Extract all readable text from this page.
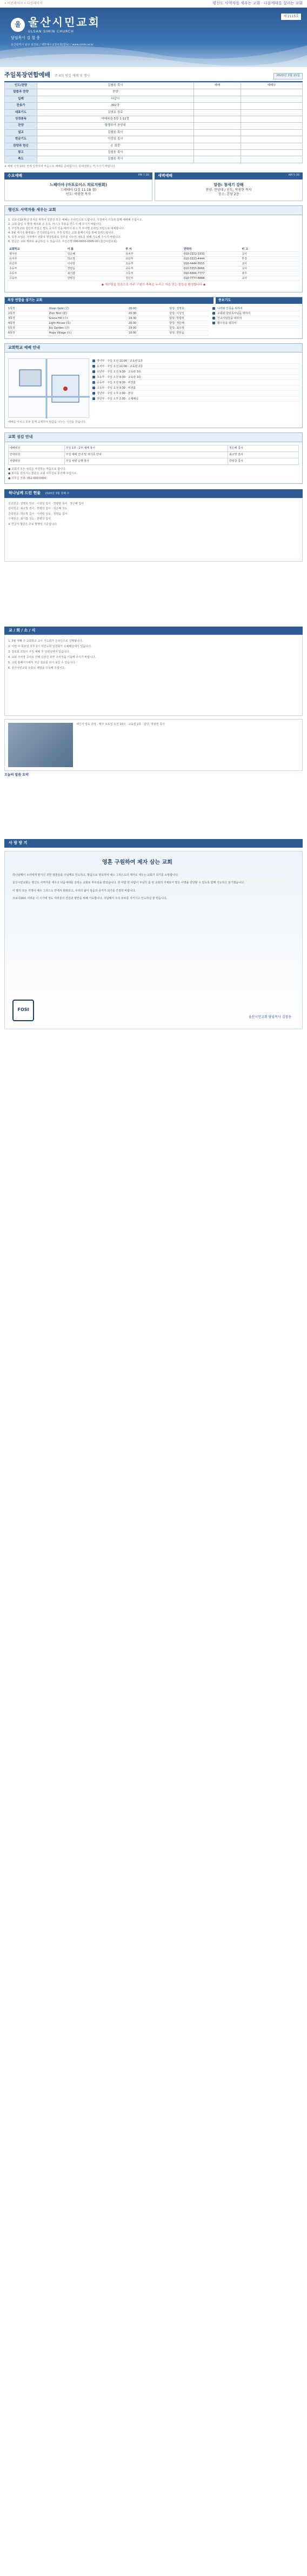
• 이전페이지 • 다음페이지	평신도 사역자를 세우는 교회 · 다음세대를 살리는 교회
울 울산시민교회
ULSAN SIMIN CHURCH
담임목사 김 철 웅
울산광역시 남구 삼산로 / 대한예수교장로회(합동) / www.simin.or.kr
제 2115호
주일목장연합예배 주 4회 평일 예배 및 행사	2020년 3월 15일
인도/찬양	김철웅 목사	예배	예배부
말씀과 찬양	찬양		
입례	다같이		
찬송가	302장		
대표기도	김영호 장로		
성경봉독	마태복음 5장 1-12절		
찬양	할렐루야 찬양대		
설교	김철웅 목사		
헌금기도	이성일 집사		
찬양과 헌신	온 회중		
광고	김철웅 목사		
축도	김철웅 목사		
※ 예배 시작 10분 전에 입장하여 마음으로 예배를 준비합시다. 휴대전화는 꺼 주시기 바랍니다.
수요예배	PM 7:30
느헤미야 (마포로이스 의료지원회)
드레쉐아 (2절 11-18 절)
인도: 박광현 목사
새벽예배	AM 5:30
말씀: 창세기 강해
찬양: 찬양대 / 인도: 박광현 목사
장소: 본당 2층
평신도 사역자를 세우는 교회

1. 코로나19 확산 방지를 위하여 당분간 모든 예배는 온라인으로 드립니다. 가정에서 가족과 함께 예배해 주십시오.

2. 교회 출입 시 발열 체크와 손 소독, 마스크 착용을 반드시 해 주시기 바랍니다.

3. 주일학교와 청년부 모임은 별도 공지가 있을 때까지 쉬고 각 부서별 온라인 모임으로 대체합니다.

4. 3월 새가족 환영회는 연기되었습니다. 추후 일정은 교회 홈페이지를 통해 알려드립니다.

5. 목장 모임은 가정에서 전화나 영상통화로 안부를 나누며 서로를 위해 기도해 주시기 바랍니다.

6. 헌금은 교회 계좌로 송금하실 수 있습니다. 부산은행 000-0000-0000-00 (울산시민교회)

교회학교	이 름	부 서	연락처	비 고
영아부	김은혜	유치부	010-2222-3333	교사
유치부	박소망	유년부	010-3333-4444	부장
유년부	이사랑	초등부	010-4444-5555	교사
초등부	정믿음	중등부	010-5555-6666	교사
중등부	최기쁨	고등부	010-6666-7777	총무
고등부	한평강	청년부	010-7777-8888	교사
◆ 예수님을 믿음으로 마주 구원의 축복을 누리고 처음 믿는 분들을 환영합니다 ◆
목장 연합을 섬기는 교회	중보기도
1목장	Ulsan Gold (금)	20:00	담당: 김영호
2목장	Zion Tent (화)	20:30	담당: 이성일
3목장	Grace Hill (수)	19:30	담당: 박광현
4목장	Light House (목)	20:00	담당: 정은혜
5목장	Joy Garden (금)	19:00	담당: 최소망
6목장	Hope Village (토)	10:00	담당: 한믿음
나라와 민족을 위하여
교회와 담임목사님을 위하여
선교사님들을 위하여
환우들을 위하여
교회학교 예배 안내
영아부 · 주일 오전 11:00 · 교육관 1층
유치부 · 주일 오전 11:00 · 교육관 2층
유년부 · 주일 오전 9:30 · 교육관 3층
초등부 · 주일 오전 9:30 · 교육관 3층
중등부 · 주일 오전 9:30 · 비전홀
고등부 · 주일 오전 9:30 · 비전홀
청년부 · 주일 오후 2:00 · 본당
장년부 · 주일 오후 2:00 · 소예배실
예배를 마치고 모두 함께 교제하며 말씀을 나누는 시간을 갖습니다.
교회 섬김 안내
예배위원	주일 1부 · 2부 예배 봉사	정은혜 집사
안내위원	주일 예배 안내 및 새가족 안내	최소망 권사
차량위원	주일 차량 운행 봉사	한평강 집사

● 교회의 모든 섬김은 자원하는 마음으로 합니다.

● 봉사를 원하시는 분들은 교회 사무실로 문의해 주십시오.

● 사무실 전화: 052-000-0000

하나님께 드린 헌물 2020년 3월 첫째 주

선교헌금: 김영호 장로 · 이성일 집사 · 박광현 목사 · 정은혜 집사

감사헌금: 최소망 권사 · 한평강 집사 · 김은혜 성도

건축헌금: 박소망 집사 · 이사랑 성도 · 정믿음 집사

구제헌금: 최기쁨 성도 · 한평강 집사

※ 헌금자 명단은 주보 발행일 기준입니다.

교 / 회 / 소 / 식

1. 3월 셋째 주 교회학교 교사 기도회가 온라인으로 진행됩니다.

2. 이번 주 목요일 오후 2시 여전도회 임원회가 소예배실에서 있습니다.

3. 장로회 모임이 주일 예배 후 당회실에서 있습니다.

4. 교회 주차장 공사로 인해 당분간 외부 주차장을 이용해 주시기 바랍니다.

5. 교회 홈페이지에서 지난 설교를 다시 보실 수 있습니다.

6. 울산시민교회 유튜브 채널을 구독해 주십시오.

새신자 양육 과정 · 매주 토요일 오전 10시 · 교육관 2층 · 담당: 박광현 목사
오늘의 말씀 요약
사 랑 방 지
영혼 구원하여 제자 삼는 교회

하나님께서 우리에게 맡기신 귀한 영혼들을 주님께로 인도하고, 말씀으로 양육하여 예수 그리스도의 제자로 세우는 교회가 되기를 소망합니다.

울산시민교회는 평신도 사역자를 세우고 다음세대를 살리는 교회로 부르심을 받았습니다. 한 사람 한 사람이 주님의 몸 된 교회의 지체로서 맡은 사명을 감당할 수 있도록 함께 기도하고 섬기겠습니다.

이 땅의 모든 가정이 예수 그리스도 안에서 회복되고, 우리의 삶이 복음의 증거가 되기를 간절히 바랍니다.

코로나19로 어려운 이 시기에 성도 여러분의 건강과 평안을 위해 기도합니다. 주님께서 우리 모두를 지키시고 인도하실 줄 믿습니다.

FOSI
울산시민교회 담임목사 김철웅
